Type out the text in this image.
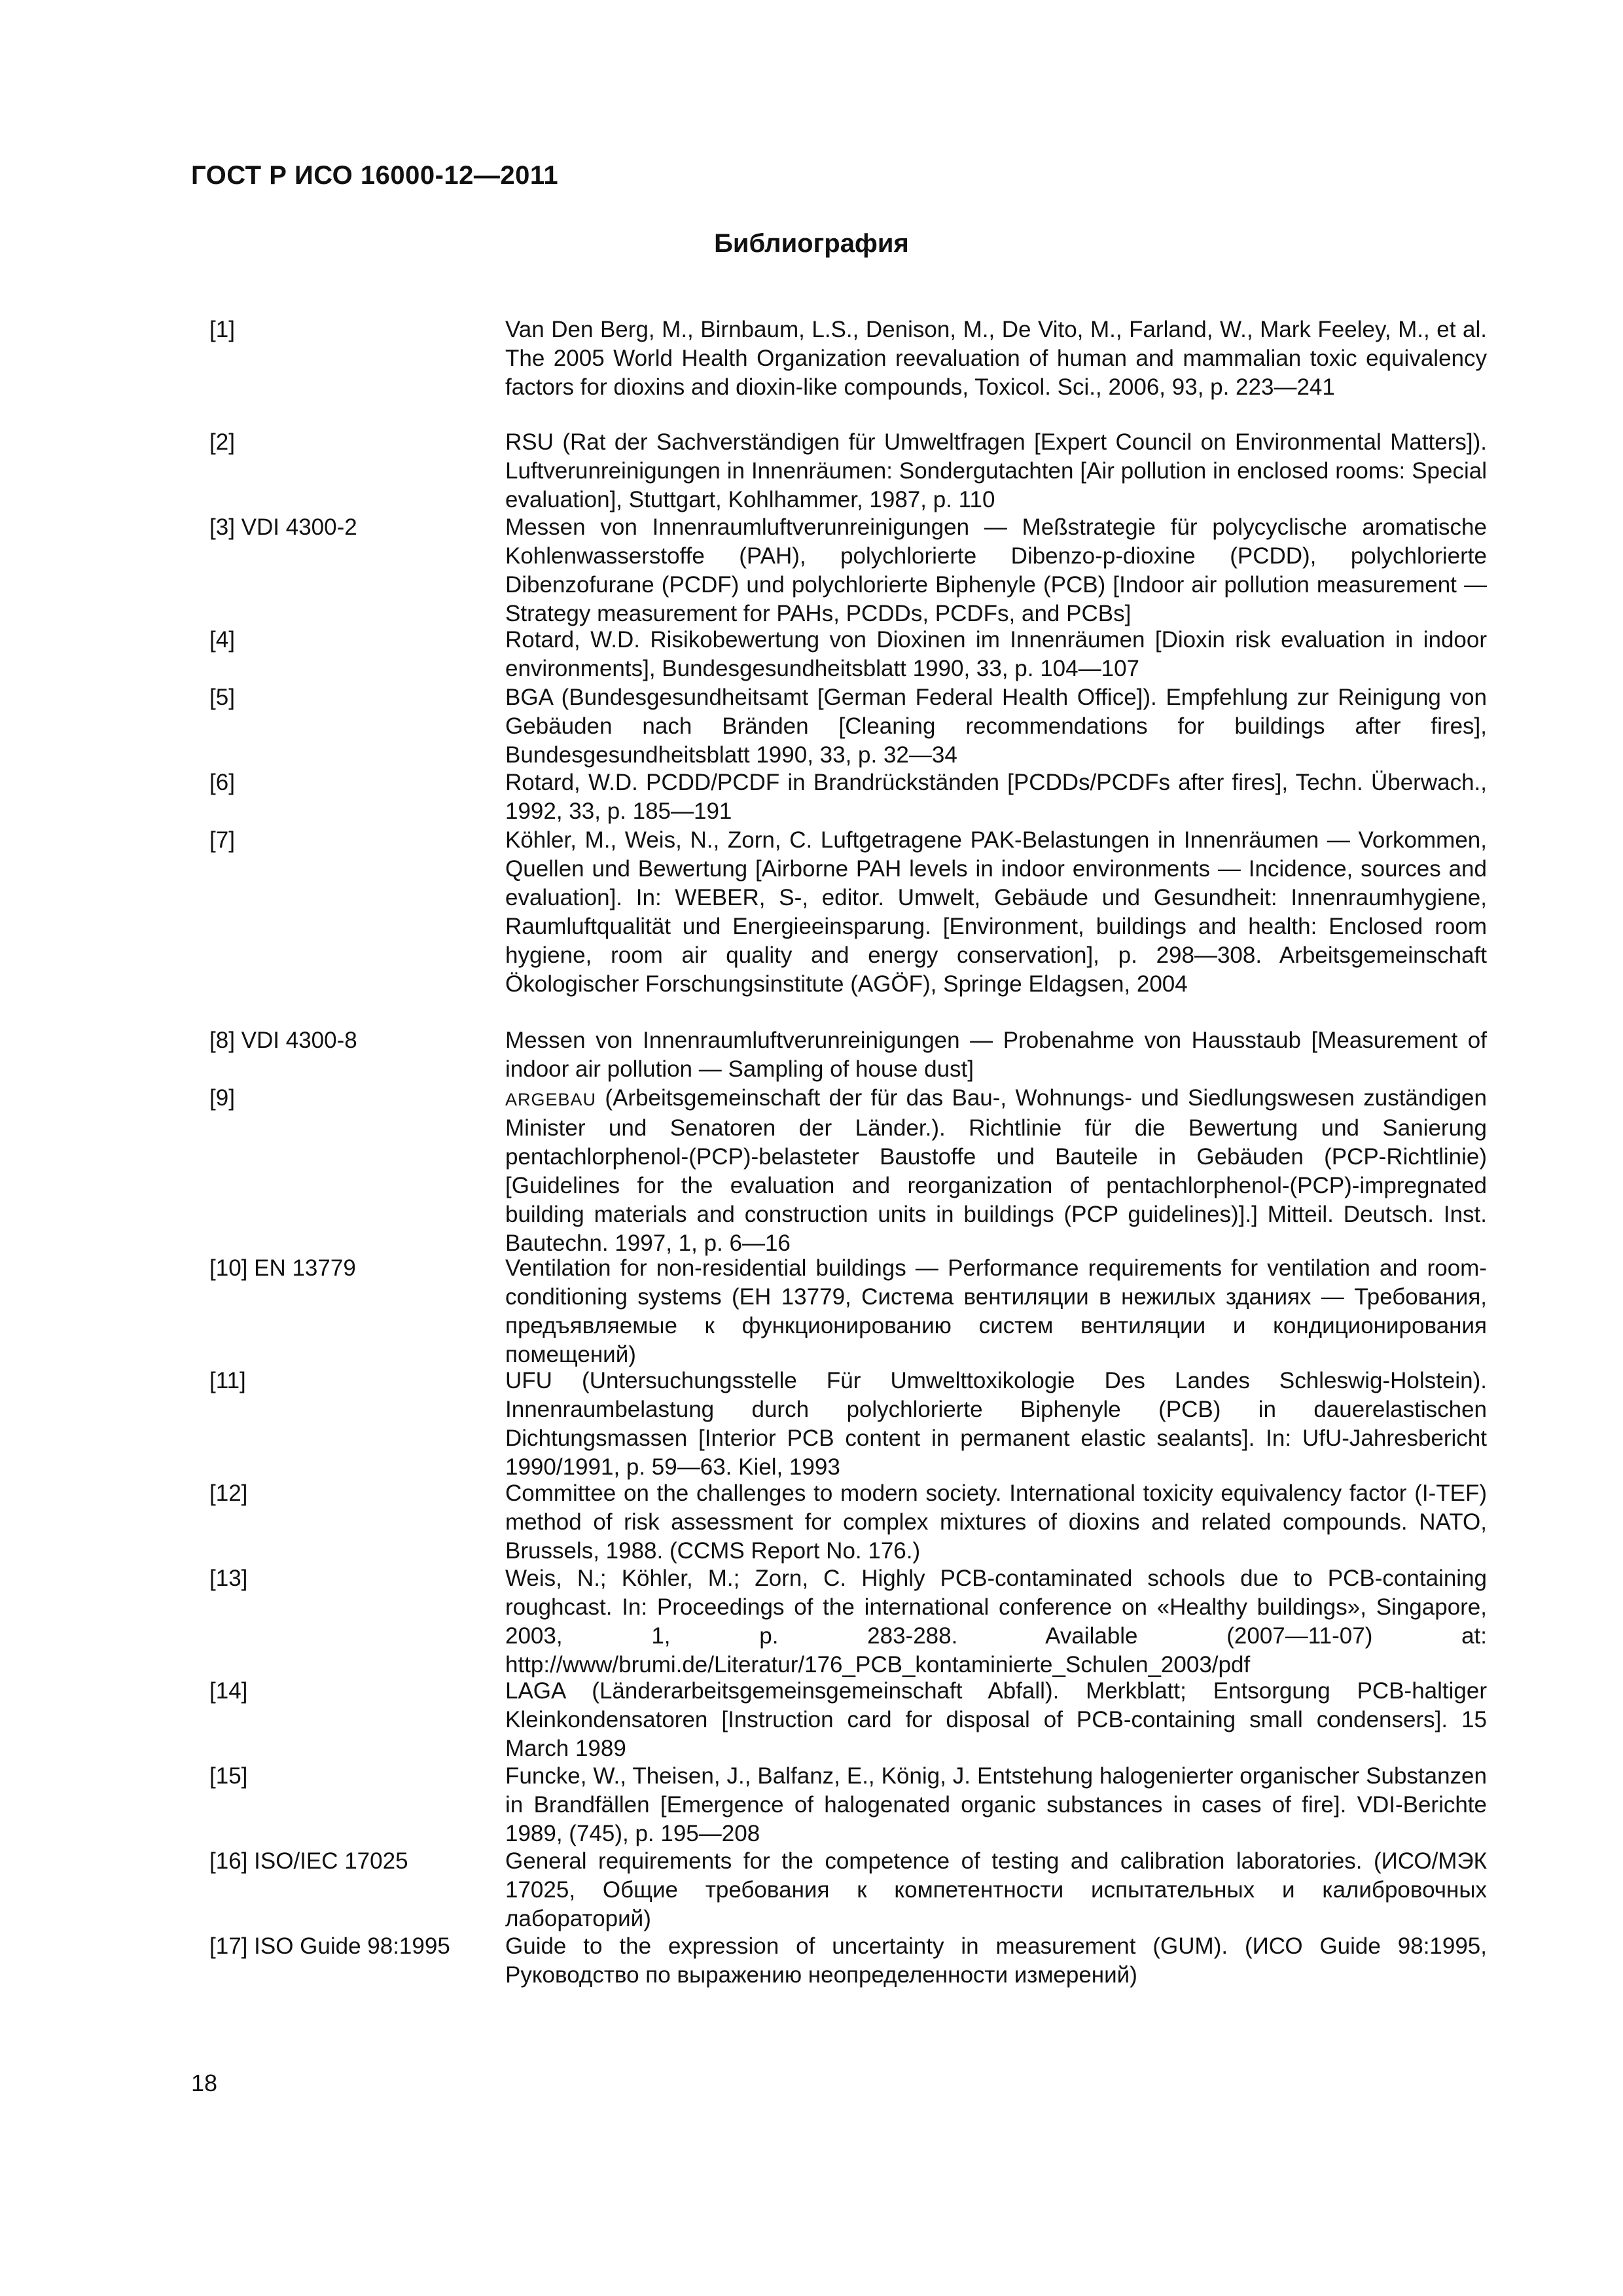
ГОСТ Р ИСО 16000-12—2011

Библиография
[1]	Van Den Berg, M., Birnbaum, L.S., Denison, M., De Vito, M., Farland, W., Mark Feeley, M., et al. The 2005 World Health Organization reevaluation of human and mammalian toxic equivalency factors for dioxins and dioxin-like compounds, Toxicol. Sci., 2006, 93, p. 223—241
[2]	RSU (Rat der Sachverständigen für Umweltfragen [Expert Council on Environmental Matters]). Luftverunreinigungen in Innenräumen: Sondergutachten [Air pollution in enclosed rooms: Special evaluation], Stuttgart, Kohlhammer, 1987, p. 110
[3] VDI 4300-2	Messen von Innenraumluftverunreinigungen — Meßstrategie für polycyclische aromatische Kohlenwasserstoffe (PAH), polychlorierte Dibenzo-p-dioxine (PCDD), polychlorierte Dibenzofurane (PCDF) und polychlorierte Biphenyle (PCB) [Indoor air pollution measurement — Strategy measurement for PAHs, PCDDs, PCDFs, and PCBs]
[4]	Rotard, W.D. Risikobewertung von Dioxinen im Innenräumen [Dioxin risk evaluation in indoor environments], Bundesgesundheitsblatt 1990, 33, p. 104—107
[5]	BGA (Bundesgesundheitsamt [German Federal Health Office]). Empfehlung zur Reinigung von Gebäuden nach Bränden [Cleaning recommendations for buildings after fires], Bundesgesundheitsblatt 1990, 33, p. 32—34
[6]	Rotard, W.D. PCDD/PCDF in Brandrückständen [PCDDs/PCDFs after fires], Techn. Überwach., 1992, 33, p. 185—191
[7]	Köhler, M., Weis, N., Zorn, C. Luftgetragene PAK-Belastungen in Innenräumen — Vorkommen, Quellen und Bewertung [Airborne PAH levels in indoor environments — Incidence, sources and evaluation]. In: WEBER, S-, editor. Umwelt, Gebäude und Gesundheit: Innenraumhygiene, Raumluftqualität und Energieeinsparung. [Environment, buildings and health: Enclosed room hygiene, room air quality and energy conservation], p. 298—308. Arbeitsgemeinschaft Ökologischer Forschungsinstitute (AGÖF), Springe Eldagsen, 2004
[8] VDI 4300-8	Messen von Innenraumluftverunreinigungen — Probenahme von Hausstaub [Measurement of indoor air pollution — Sampling of house dust]
[9]	ARGEBAU (Arbeitsgemeinschaft der für das Bau-, Wohnungs- und Siedlungswesen zuständigen Minister und Senatoren der Länder.). Richtlinie für die Bewertung und Sanierung pentachlorphenol-(PCP)-belasteter Baustoffe und Bauteile in Gebäuden (PCP-Richtlinie) [Guidelines for the evaluation and reorganization of pentachlorphenol-(PCP)-impregnated building materials and construction units in buildings (PCP guidelines)].] Mitteil. Deutsch. Inst. Bautechn. 1997, 1, p. 6—16
[10] EN 13779	Ventilation for non-residential buildings — Performance requirements for ventilation and room-conditioning systems (ЕН 13779, Система вентиляции в нежилых зданиях — Требования, предъявляемые к функционированию систем вентиляции и кондиционирования помещений)
[11]	UFU (Untersuchungsstelle Für Umwelttoxikologie Des Landes Schleswig-Holstein). Innenraumbelastung durch polychlorierte Biphenyle (PCB) in dauerelastischen Dichtungsmassen [Interior PCB content in permanent elastic sealants]. In: UfU-Jahresbericht 1990/1991, p. 59—63. Kiel, 1993
[12]	Committee on the challenges to modern society. International toxicity equivalency factor (I-TEF) method of risk assessment for complex mixtures of dioxins and related compounds. NATO, Brussels, 1988. (CCMS Report No. 176.)
[13]	Weis, N.; Köhler, M.; Zorn, C. Highly PCB-contaminated schools due to PCB-containing roughcast. In: Proceedings of the international conference on «Healthy buildings», Singapore, 2003, 1, p. 283-288. Available (2007—11-07) at: http://www/brumi.de/Literatur/176_PCB_kontaminierte_Schulen_2003/pdf
[14]	LAGA (Länderarbeitsgemeinsgemeinschaft Abfall). Merkblatt; Entsorgung PCB-haltiger Kleinkondensatoren [Instruction card for disposal of PCB-containing small condensers]. 15 March 1989
[15]	Funcke, W., Theisen, J., Balfanz, E., König, J. Entstehung halogenierter organischer Substanzen in Brandfällen [Emergence of halogenated organic substances in cases of fire]. VDI-Berichte 1989, (745), p. 195—208
[16] ISO/IEC 17025	General requirements for the competence of testing and calibration laboratories. (ИСО/МЭК 17025, Общие требования к компетентности испытательных и калибровочных лабораторий)
[17] ISO Guide 98:1995	Guide to the expression of uncertainty in measurement (GUM). (ИСО Guide 98:1995, Руководство по выражению неопределенности измерений)

18
